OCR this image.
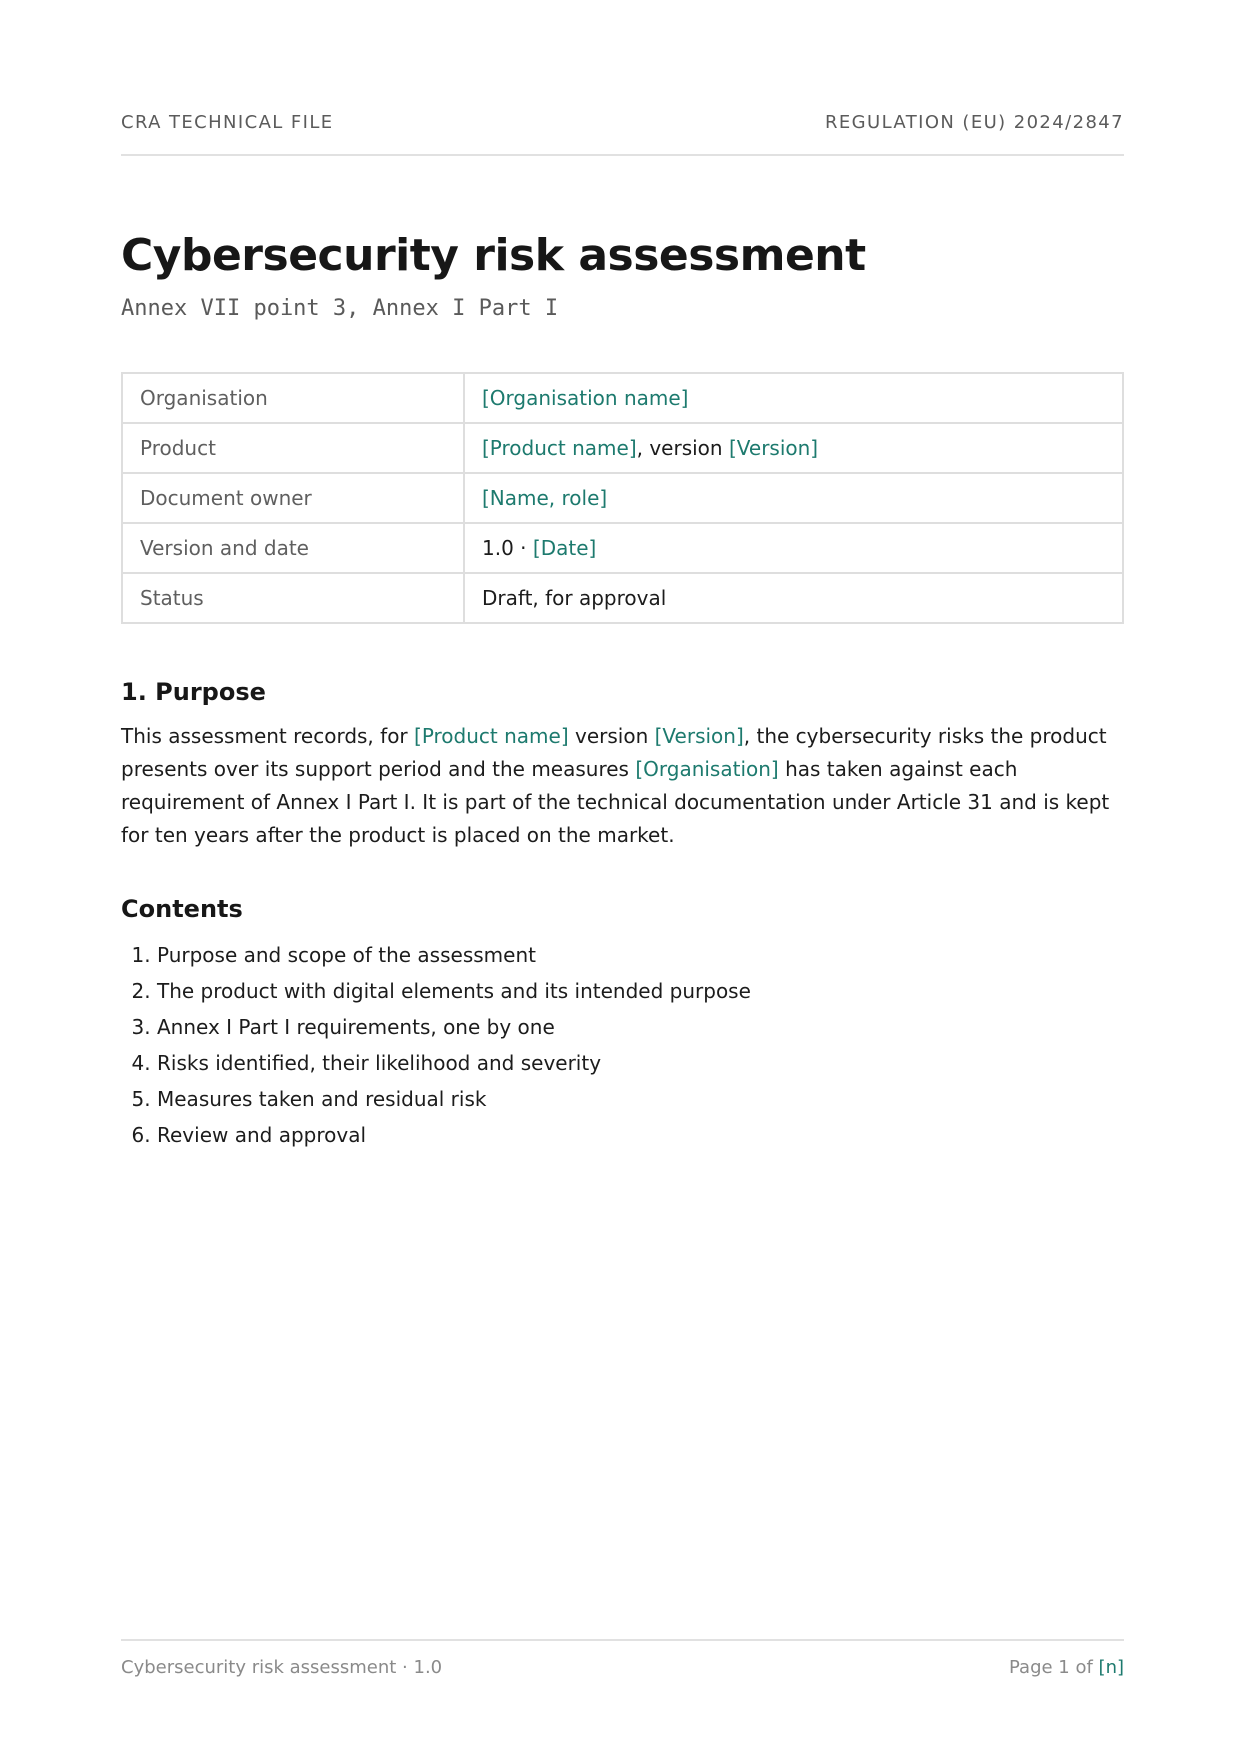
CRA TECHNICAL FILE	REGULATION (EU) 2024/2847
Cybersecurity risk assessment
Annex VII point 3, Annex I Part I
Organisation	[Organisation name]
Product	[Product name], version [Version]
Document owner	[Name, role]
Version and date	1.0 · [Date]
Status	Draft, for approval
1. Purpose

This assessment records, for [Product name] version [Version], the cybersecurity risks the product presents over its support period and the measures [Organisation] has taken against each requirement of Annex I Part I. It is part of the technical documentation under Article 31 and is kept for ten years after the product is placed on the market.

Contents
1. Purpose and scope of the assessment
2. The product with digital elements and its intended purpose
3. Annex I Part I requirements, one by one
4. Risks identified, their likelihood and severity
5. Measures taken and residual risk
6. Review and approval
Cybersecurity risk assessment · 1.0	Page 1 of [n]
